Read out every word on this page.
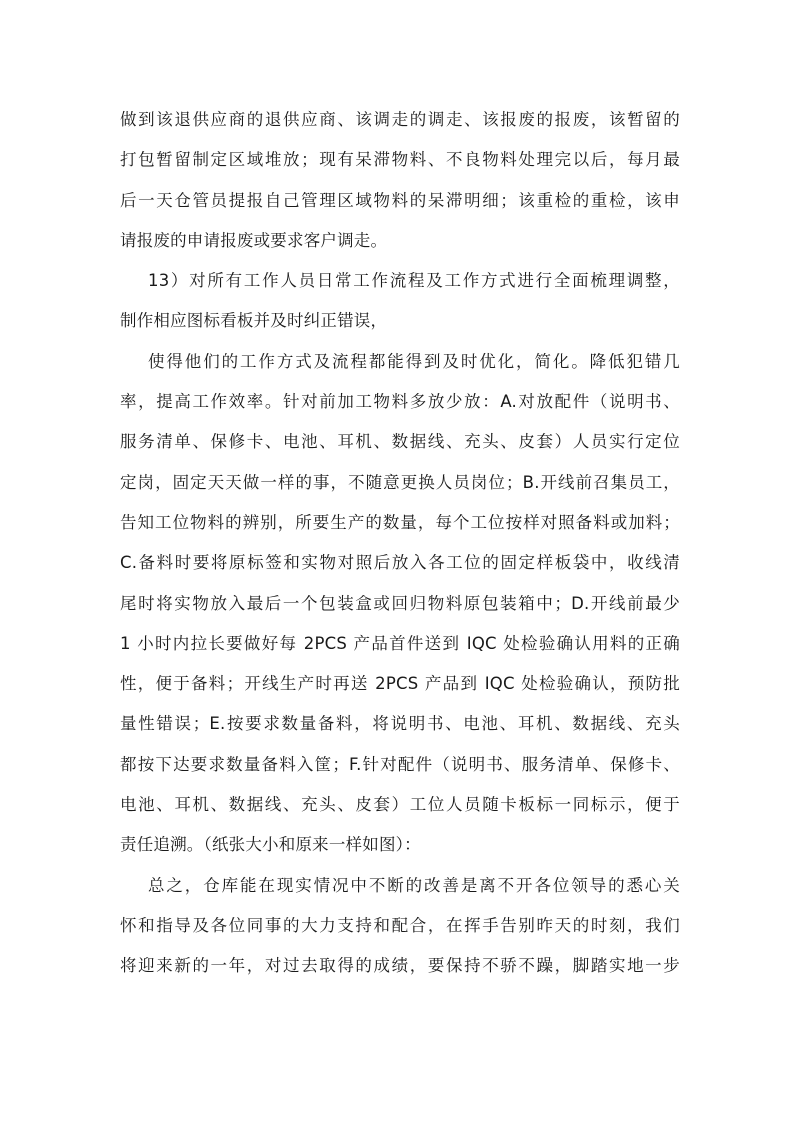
做到该退供应商的退供应商、该调走的调走、该报废的报废，该暂留的
打包暂留制定区域堆放；现有呆滞物料、不良物料处理完以后，每月最
后一天仓管员提报自己管理区域物料的呆滞明细；该重检的重检，该申
请报废的申请报废或要求客户调走。
13）对所有工作人员日常工作流程及工作方式进行全面梳理调整，
制作相应图标看板并及时纠正错误，
使得他们的工作方式及流程都能得到及时优化，简化。降低犯错几
率，提高工作效率。针对前加工物料多放少放：A.对放配件（说明书、
服务清单、保修卡、电池、耳机、数据线、充头、皮套）人员实行定位
定岗，固定天天做一样的事，不随意更换人员岗位；B.开线前召集员工，
告知工位物料的辨别，所要生产的数量，每个工位按样对照备料或加料；
C.备料时要将原标签和实物对照后放入各工位的固定样板袋中，收线清
尾时将实物放入最后一个包装盒或回归物料原包装箱中；D.开线前最少
1 小时内拉长要做好每 2PCS 产品首件送到 IQC 处检验确认用料的正确
性，便于备料；开线生产时再送 2PCS 产品到 IQC 处检验确认，预防批
量性错误；E.按要求数量备料，将说明书、电池、耳机、数据线、充头
都按下达要求数量备料入筐；F.针对配件（说明书、服务清单、保修卡、
电池、耳机、数据线、充头、皮套）工位人员随卡板标一同标示，便于
责任追溯。（纸张大小和原来一样如图）：
总之，仓库能在现实情况中不断的改善是离不开各位领导的悉心关
怀和指导及各位同事的大力支持和配合，在挥手告别昨天的时刻，我们
将迎来新的一年，对过去取得的成绩，要保持不骄不躁，脚踏实地一步
